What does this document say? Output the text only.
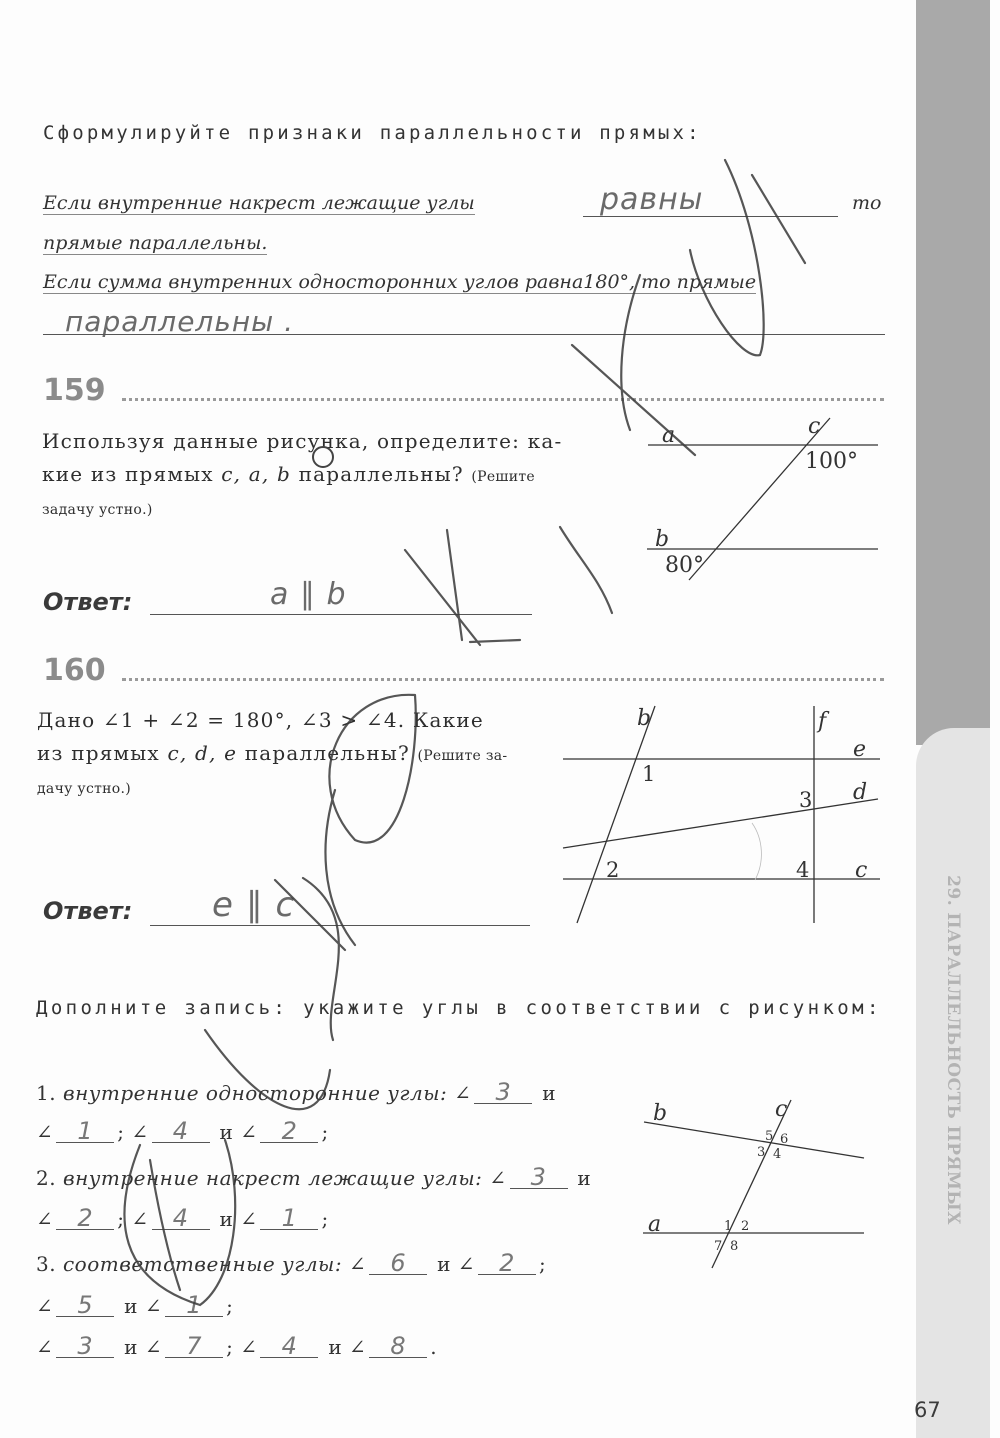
29. ПАРАЛЛЕЛЬНОСТЬ ПРЯМЫХ
67
Сформулируйте признаки параллельности прямых:
Если внутренние накрест лежащие углы	равны	то
прямые параллельны.
Если сумма внутренних односторонних углов равна180°, то прямые
параллельны .
159
Используя данные рисунка, определите: ка-
кие из прямых c, a, b параллельны? (Решите
задачу устно.)
a
b
c
100°
80°
Ответ:	a ∥ b
160
Дано ∠1 + ∠2 = 180°, ∠3 > ∠4. Какие
из прямых c, d, e параллельны? (Решите за-
дачу устно.)
b	f
e
d
c
1
2
3
4
Ответ: e ∥ c
Дополните запись: укажите углы в соответствии с рисунком:
1. внутренние односторонние углы: ∠ 3 и
∠ 1 ; ∠ 4 и ∠ 2 ;
2. внутренние накрест лежащие углы: ∠ 3 и
∠ 2 ; ∠ 4 и ∠ 1 ;
3. соответственные углы: ∠ 6 и ∠ 2 ;
∠ 5 и ∠ 1 ;
∠ 3 и ∠ 7 ; ∠ 4 и ∠ 8 .
b
a
c
5 6
3 4
1 2
7 8
